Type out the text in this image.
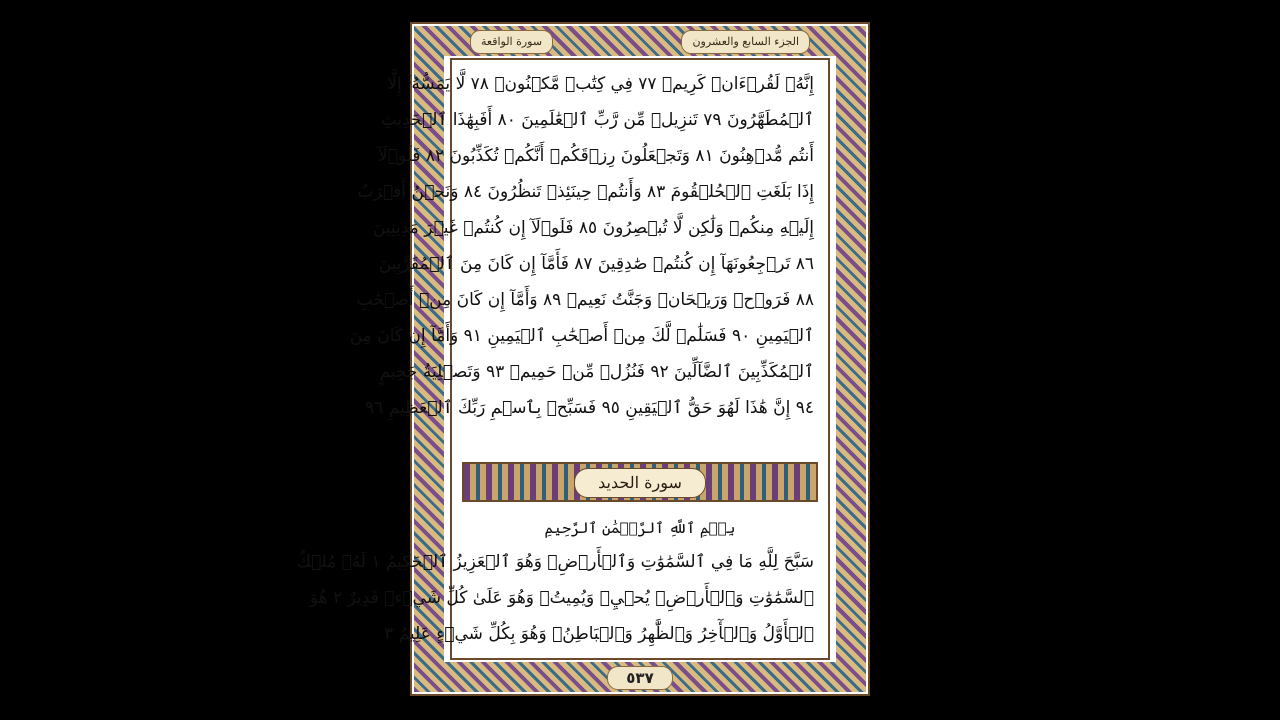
الجزء السابع والعشرون
سورة الواقعة
إِنَّهُۥ لَقُرۡءَانٞ كَرِيمٞ ٧٧ فِي كِتَٰبٖ مَّكۡنُونٖ ٧٨ لَّا يَمَسُّهُۥٓ إِلَّا
ٱلۡمُطَهَّرُونَ ٧٩ تَنزِيلٞ مِّن رَّبِّ ٱلۡعَٰلَمِينَ ٨٠ أَفَبِهَٰذَا ٱلۡحَدِيثِ
أَنتُم مُّدۡهِنُونَ ٨١ وَتَجۡعَلُونَ رِزۡقَكُمۡ أَنَّكُمۡ تُكَذِّبُونَ ٨٢ فَلَوۡلَآ
إِذَا بَلَغَتِ ٱلۡحُلۡقُومَ ٨٣ وَأَنتُمۡ حِينَئِذٖ تَنظُرُونَ ٨٤ وَنَحۡنُ أَقۡرَبُ
إِلَيۡهِ مِنكُمۡ وَلَٰكِن لَّا تُبۡصِرُونَ ٨٥ فَلَوۡلَآ إِن كُنتُمۡ غَيۡرَ مَدِينِينَ
٨٦ تَرۡجِعُونَهَآ إِن كُنتُمۡ صَٰدِقِينَ ٨٧ فَأَمَّآ إِن كَانَ مِنَ ٱلۡمُقَرَّبِينَ
٨٨ فَرَوۡحٞ وَرَيۡحَانٞ وَجَنَّتُ نَعِيمٖ ٨٩ وَأَمَّآ إِن كَانَ مِنۡ أَصۡحَٰبِ
ٱلۡيَمِينِ ٩٠ فَسَلَٰمٞ لَّكَ مِنۡ أَصۡحَٰبِ ٱلۡيَمِينِ ٩١ وَأَمَّآ إِن كَانَ مِنَ
ٱلۡمُكَذِّبِينَ ٱلضَّآلِّينَ ٩٢ فَنُزُلٞ مِّنۡ حَمِيمٖ ٩٣ وَتَصۡلِيَةُ جَحِيمٍ
٩٤ إِنَّ هَٰذَا لَهُوَ حَقُّ ٱلۡيَقِينِ ٩٥ فَسَبِّحۡ بِٱسۡمِ رَبِّكَ ٱلۡعَظِيمِ ٩٦
سورة الحديد
بِسۡمِ ٱللَّهِ ٱلرَّحۡمَٰنِ ٱلرَّحِيمِ
سَبَّحَ لِلَّهِ مَا فِي ٱلسَّمَٰوَٰتِ وَٱلۡأَرۡضِۖ وَهُوَ ٱلۡعَزِيزُ ٱلۡحَكِيمُ ١ لَهُۥ مُلۡكُ
ٱلسَّمَٰوَٰتِ وَٱلۡأَرۡضِۖ يُحۡيِۦ وَيُمِيتُۖ وَهُوَ عَلَىٰ كُلِّ شَيۡءٖ قَدِيرٌ ٢ هُوَ
ٱلۡأَوَّلُ وَٱلۡأٓخِرُ وَٱلظَّٰهِرُ وَٱلۡبَاطِنُۖ وَهُوَ بِكُلِّ شَيۡءٍ عَلِيمٌ ٣
٥٣٧
